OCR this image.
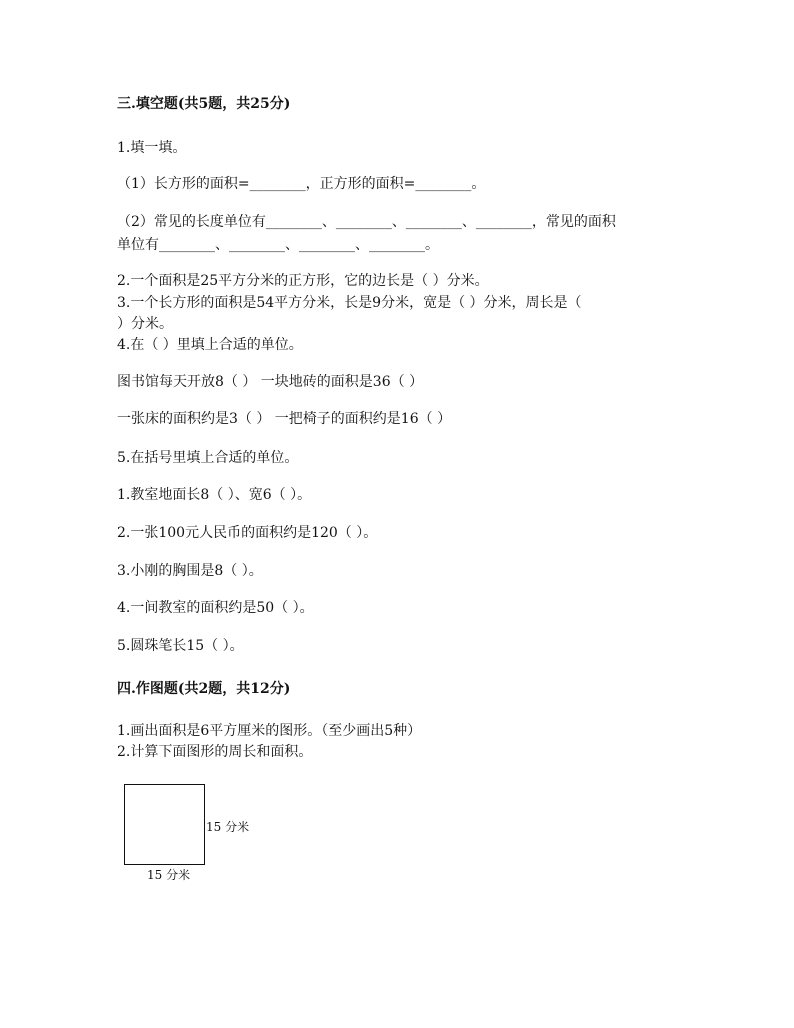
三.填空题(共5题，共25分)
1.填一填。
（1）长方形的面积=________，正方形的面积=________。
（2）常见的长度单位有________、________、________、________，常见的面积
单位有________、________、________、________。
2.一个面积是25平方分米的正方形，它的边长是（ ）分米。
3.一个长方形的面积是54平方分米，长是9分米，宽是（ ）分米，周长是（
）分米。
4.在（ ）里填上合适的单位。
图书馆每天开放8（ ） 一块地砖的面积是36（ ）
一张床的面积约是3（ ） 一把椅子的面积约是16（ ）
5.在括号里填上合适的单位。
1.教室地面长8（ ）、宽6（ ）。
2.一张100元人民币的面积约是120（ ）。
3.小刚的胸围是8（ ）。
4.一间教室的面积约是50（ ）。
5.圆珠笔长15（ ）。
四.作图题(共2题，共12分)
1.画出面积是6平方厘米的图形。（至少画出5种）
2.计算下面图形的周长和面积。
15 分米
15 分米
